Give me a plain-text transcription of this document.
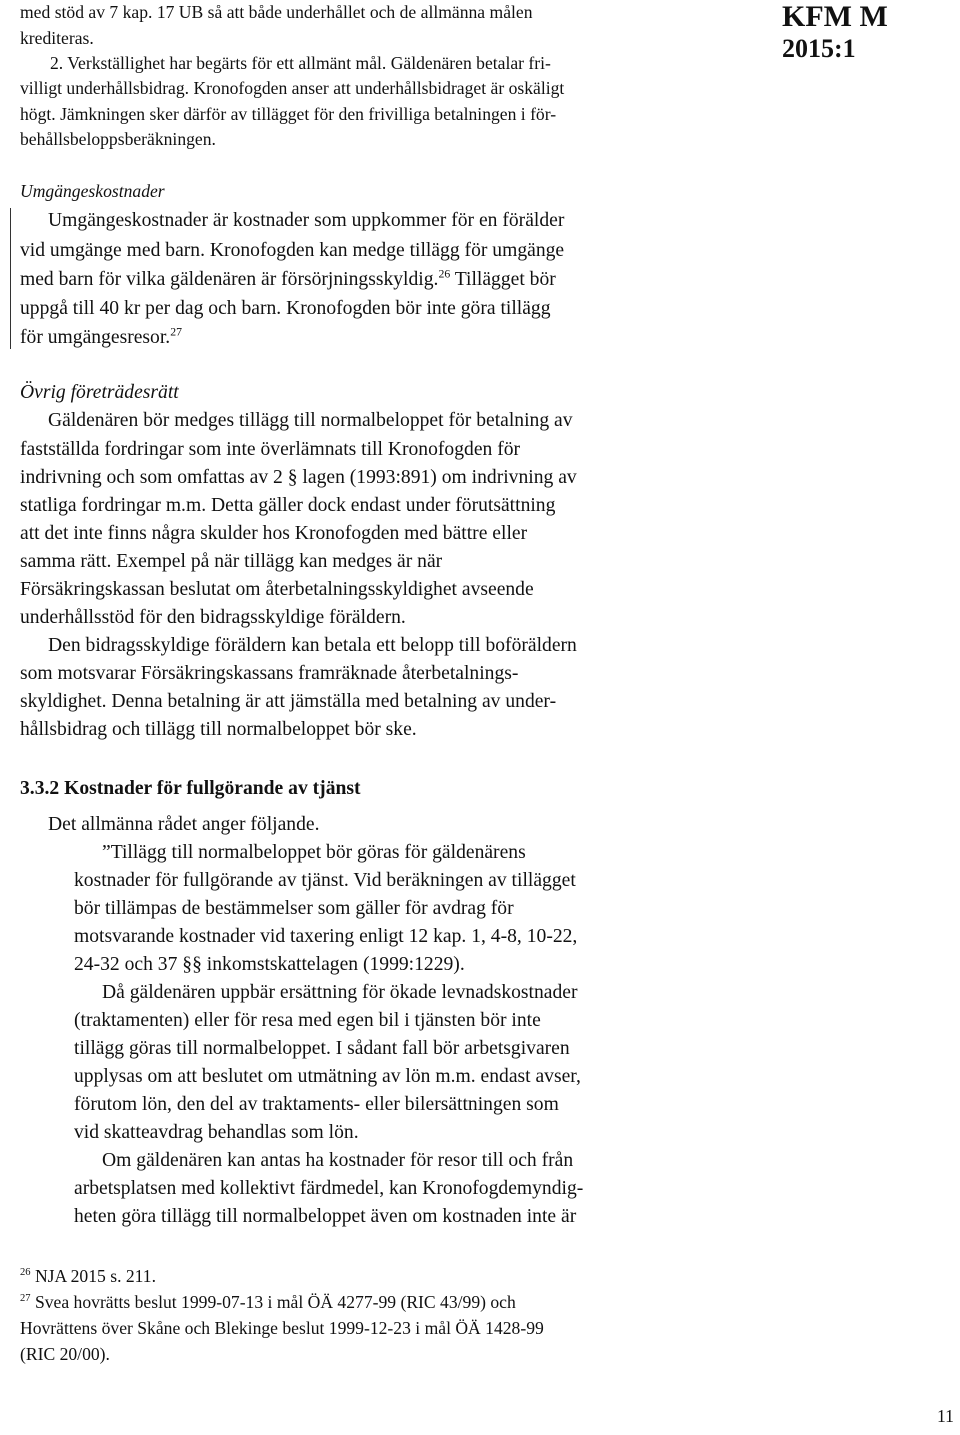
KFM M
2015:1
med stöd av 7 kap. 17 UB så att både underhållet och de allmänna målen
krediteras.
2. Verkställighet har begärts för ett allmänt mål. Gäldenären betalar fri-
villigt underhållsbidrag. Kronofogden anser att underhållsbidraget är oskäligt
högt. Jämkningen sker därför av tillägget för den frivilliga betalningen i för-
behållsbeloppsberäkningen.
Umgängeskostnader
Umgängeskostnader är kostnader som uppkommer för en förälder
vid umgänge med barn. Kronofogden kan medge tillägg för umgänge
med barn för vilka gäldenären är försörjningsskyldig.$^{26}$ Tillägget bör
uppgå till 40 kr per dag och barn. Kronofogden bör inte göra tillägg
för umgängesresor.$^{27}$
Övrig företrädesrätt
Gäldenären bör medges tillägg till normalbeloppet för betalning av
fastställda fordringar som inte överlämnats till Kronofogden för
indrivning och som omfattas av 2 § lagen (1993:891) om indrivning av
statliga fordringar m.m. Detta gäller dock endast under förutsättning
att det inte finns några skulder hos Kronofogden med bättre eller
samma rätt. Exempel på när tillägg kan medges är när
Försäkringskassan beslutat om återbetalningsskyldighet avseende
underhållsstöd för den bidragsskyldige föräldern.
Den bidragsskyldige föräldern kan betala ett belopp till boföräldern
som motsvarar Försäkringskassans framräknade återbetalnings-
skyldighet. Denna betalning är att jämställa med betalning av under-
hållsbidrag och tillägg till normalbeloppet bör ske.
3.3.2 Kostnader för fullgörande av tjänst
Det allmänna rådet anger följande.
”Tillägg till normalbeloppet bör göras för gäldenärens
kostnader för fullgörande av tjänst. Vid beräkningen av tillägget
bör tillämpas de bestämmelser som gäller för avdrag för
motsvarande kostnader vid taxering enligt 12 kap. 1, 4-8, 10-22,
24-32 och 37 §§ inkomstskattelagen (1999:1229).
Då gäldenären uppbär ersättning för ökade levnadskostnader
(traktamenten) eller för resa med egen bil i tjänsten bör inte
tillägg göras till normalbeloppet. I sådant fall bör arbetsgivaren
upplysas om att beslutet om utmätning av lön m.m. endast avser,
förutom lön, den del av traktaments- eller bilersättningen som
vid skatteavdrag behandlas som lön.
Om gäldenären kan antas ha kostnader för resor till och från
arbetsplatsen med kollektivt färdmedel, kan Kronofogdemyndig-
heten göra tillägg till normalbeloppet även om kostnaden inte är
$^{26}$ NJA 2015 s. 211.
$^{27}$ Svea hovrätts beslut 1999-07-13 i mål ÖÄ 4277-99 (RIC 43/99) och
Hovrättens över Skåne och Blekinge beslut 1999-12-23 i mål ÖÄ 1428-99
(RIC 20/00).
11
